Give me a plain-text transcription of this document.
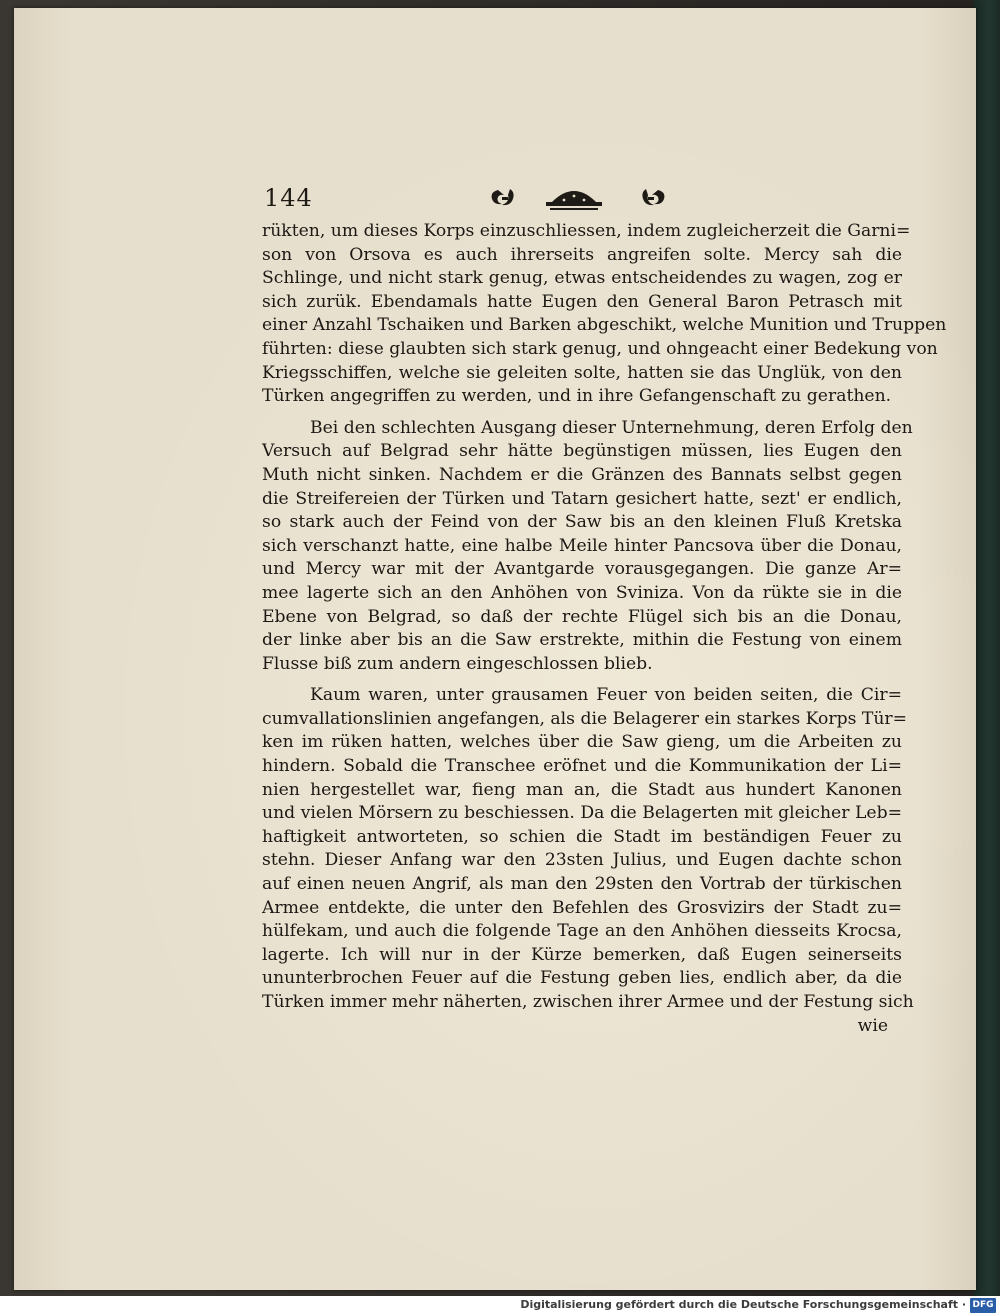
144
rükten, um dieses Korps einzuschliessen, indem zugleicherzeit die Garni=
son von Orsova es auch ihrerseits angreifen solte. Mercy sah die
Schlinge, und nicht stark genug, etwas entscheidendes zu wagen, zog er
sich zurük. Ebendamals hatte Eugen den General Baron Petrasch mit
einer Anzahl Tschaiken und Barken abgeschikt, welche Munition und Truppen
führten: diese glaubten sich stark genug, und ohngeacht einer Bedekung von
Kriegsschiffen, welche sie geleiten solte, hatten sie das Unglük, von den
Türken angegriffen zu werden, und in ihre Gefangenschaft zu gerathen.
Bei den schlechten Ausgang dieser Unternehmung, deren Erfolg den
Versuch auf Belgrad sehr hätte begünstigen müssen, lies Eugen den
Muth nicht sinken. Nachdem er die Gränzen des Bannats selbst gegen
die Streifereien der Türken und Tatarn gesichert hatte, sezt' er endlich,
so stark auch der Feind von der Saw bis an den kleinen Fluß Kretska
sich verschanzt hatte, eine halbe Meile hinter Pancsova über die Donau,
und Mercy war mit der Avantgarde vorausgegangen. Die ganze Ar=
mee lagerte sich an den Anhöhen von Sviniza. Von da rükte sie in die
Ebene von Belgrad, so daß der rechte Flügel sich bis an die Donau,
der linke aber bis an die Saw erstrekte, mithin die Festung von einem
Flusse biß zum andern eingeschlossen blieb.
Kaum waren, unter grausamen Feuer von beiden seiten, die Cir=
cumvallationslinien angefangen, als die Belagerer ein starkes Korps Tür=
ken im rüken hatten, welches über die Saw gieng, um die Arbeiten zu
hindern. Sobald die Transchee eröfnet und die Kommunikation der Li=
nien hergestellet war, fieng man an, die Stadt aus hundert Kanonen
und vielen Mörsern zu beschiessen. Da die Belagerten mit gleicher Leb=
haftigkeit antworteten, so schien die Stadt im beständigen Feuer zu
stehn. Dieser Anfang war den 23sten Julius, und Eugen dachte schon
auf einen neuen Angrif, als man den 29sten den Vortrab der türkischen
Armee entdekte, die unter den Befehlen des Grosvizirs der Stadt zu=
hülfekam, und auch die folgende Tage an den Anhöhen diesseits Krocsa,
lagerte. Ich will nur in der Kürze bemerken, daß Eugen seinerseits
ununterbrochen Feuer auf die Festung geben lies, endlich aber, da die
Türken immer mehr näherten, zwischen ihrer Armee und der Festung sich
wie
Digitalisierung gefördert durch die Deutsche Forschungsgemeinschaft · DFG
